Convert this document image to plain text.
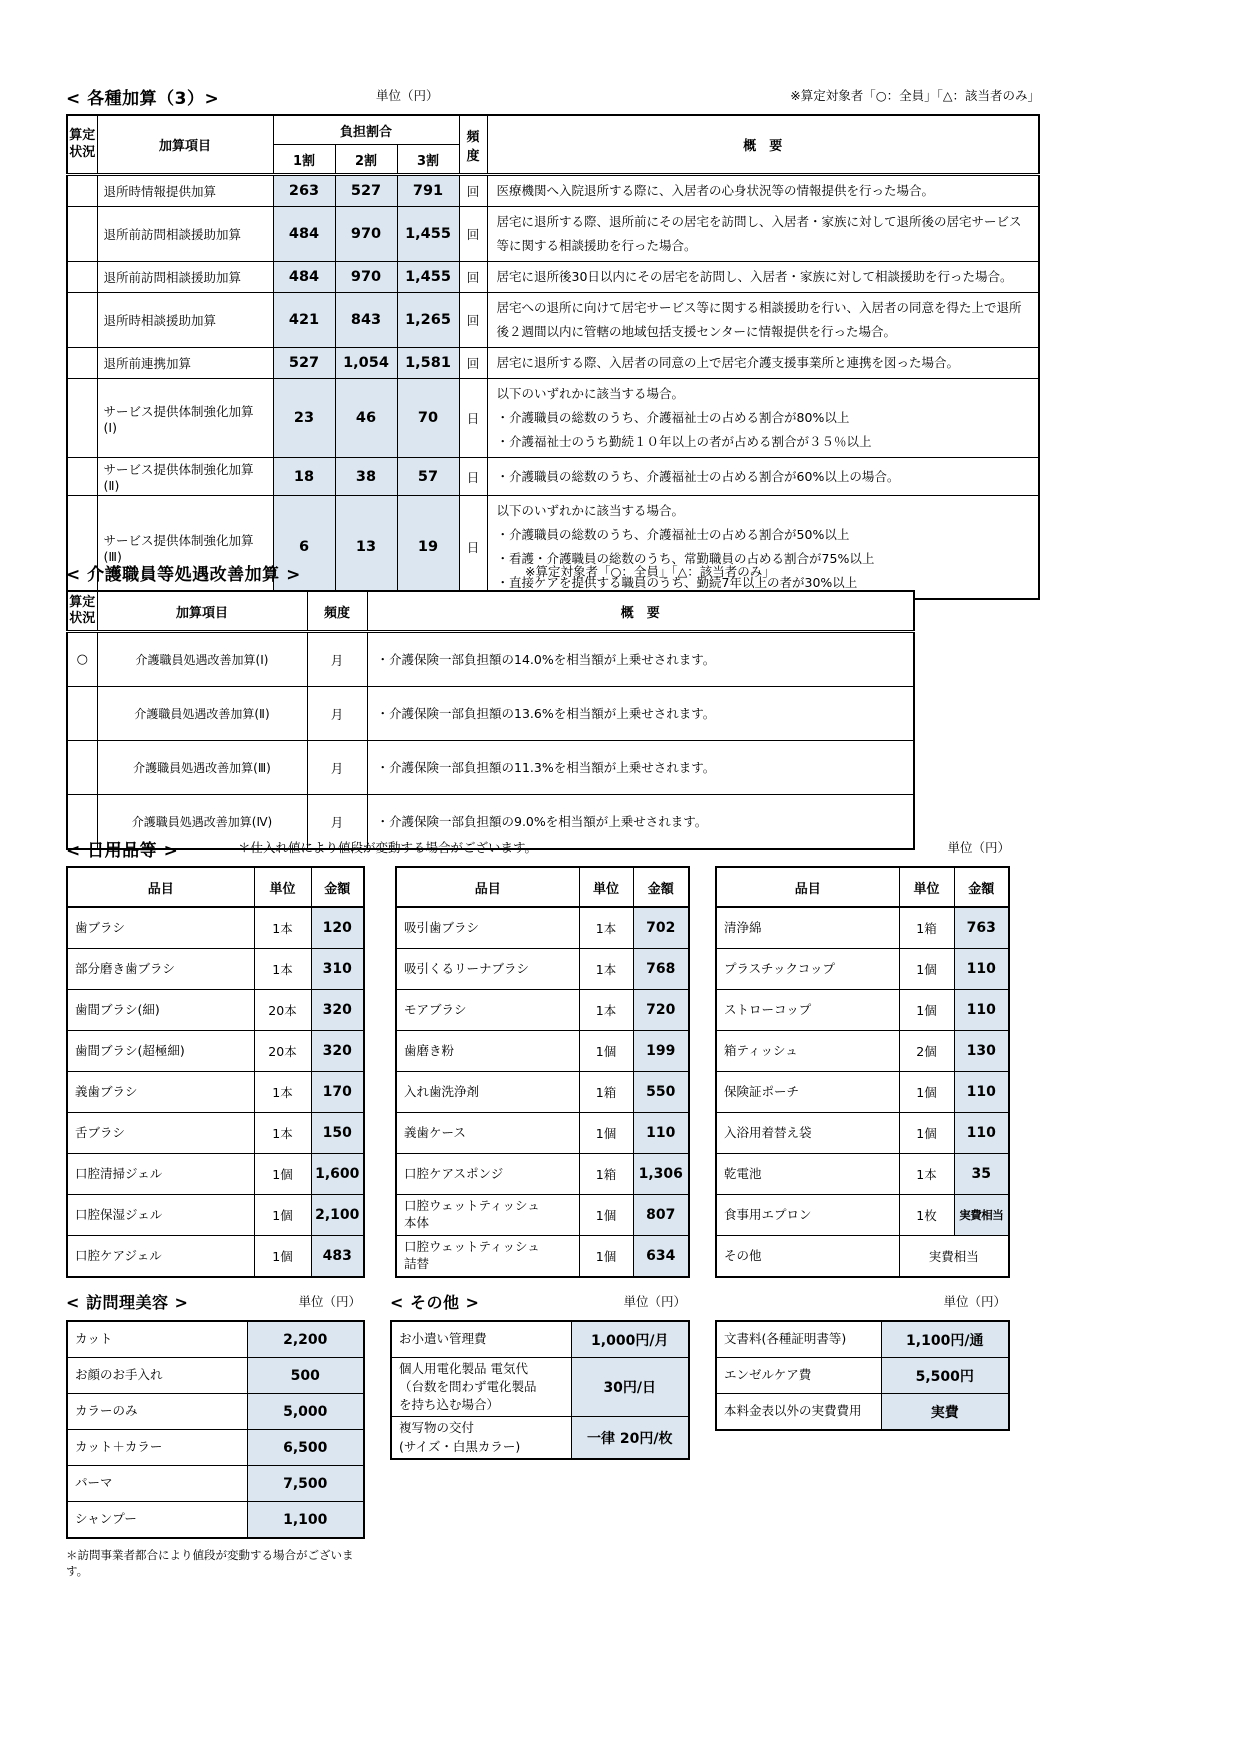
< 各種加算（3）>	単位（円）	※算定対象者「○：全員」「△：該当者のみ」
算定状況	加算項目	負担割合			頻度	概　要
		1割	2割	3割		
	退所時情報提供加算	263	527	791	回	医療機関へ入院退所する際に、入居者の心身状況等の情報提供を行った場合。

	退所前訪問相談援助加算	484	970	1,455	回	居宅に退所する際、退所前にその居宅を訪問し、入居者・家族に対して退所後の居宅サービス等に関する相談援助を行った場合。

	退所前訪問相談援助加算	484	970	1,455	回	居宅に退所後30日以内にその居宅を訪問し、入居者・家族に対して相談援助を行った場合。

	退所時相談援助加算	421	843	1,265	回	居宅への退所に向けて居宅サービス等に関する相談援助を行い、入居者の同意を得た上で退所後２週間以内に管轄の地域包括支援センターに情報提供を行った場合。

	退所前連携加算	527	1,054	1,581	回	居宅に退所する際、入居者の同意の上で居宅介護支援事業所と連携を図った場合。

	サービス提供体制強化加算(Ⅰ)	23	46	70	日	以下のいずれかに該当する場合。
・介護職員の総数のうち、介護福祉士の占める割合が80%以上
・介護福祉士のうち勤続１０年以上の者が占める割合が３５％以上

	サービス提供体制強化加算(Ⅱ)	18	38	57	日	・介護職員の総数のうち、介護福祉士の占める割合が60%以上の場合。

	サービス提供体制強化加算(Ⅲ)	6	13	19	日	以下のいずれかに該当する場合。
・介護職員の総数のうち、介護福祉士の占める割合が50%以上
・看護・介護職員の総数のうち、常勤職員の占める割合が75%以上
・直接ケアを提供する職員のうち、勤続7年以上の者が30%以上
< 介護職員等処遇改善加算 >	※算定対象者「○：全員」「△：該当者のみ」
算定状況	加算項目	頻度	概　要
○	介護職員処遇改善加算(Ⅰ)	月	・介護保険一部負担額の14.0%を相当額が上乗せされます。
	介護職員処遇改善加算(Ⅱ)	月	・介護保険一部負担額の13.6%を相当額が上乗せされます。
	介護職員処遇改善加算(Ⅲ)	月	・介護保険一部負担額の11.3%を相当額が上乗せされます。
	介護職員処遇改善加算(Ⅳ)	月	・介護保険一部負担額の9.0%を相当額が上乗せされます。
< 日用品等 >	＊仕入れ値により値段が変動する場合がございます。	単位（円）
品目	単位	金額
歯ブラシ	1本	120
部分磨き歯ブラシ	1本	310
歯間ブラシ(細)	20本	320
歯間ブラシ(超極細)	20本	320
義歯ブラシ	1本	170
舌ブラシ	1本	150
口腔清掃ジェル	1個	1,600
口腔保湿ジェル	1個	2,100
口腔ケアジェル	1個	483
品目	単位	金額
吸引歯ブラシ	1本	702
吸引くるリーナブラシ	1本	768
モアブラシ	1本	720
歯磨き粉	1個	199
入れ歯洗浄剤	1箱	550
義歯ケース	1個	110
口腔ケアスポンジ	1箱	1,306

口腔ウェットティッシュ
本体	1個	807

口腔ウェットティッシュ
詰替	1個	634
品目	単位	金額
清浄綿	1箱	763
プラスチックコップ	1個	110
ストローコップ	1個	110
箱ティッシュ	2個	130
保険証ポーチ	1個	110
入浴用着替え袋	1個	110
乾電池	1本	35
食事用エプロン	1枚	実費相当
その他	実費相当	
< 訪問理美容 >	単位（円）
カット	2,200
お顔のお手入れ	500
カラーのみ	5,000
カット＋カラー	6,500
パーマ	7,500
シャンプー	1,100
＊訪問事業者都合により値段が変動する場合がございます。
< その他 >	単位（円）
お小遣い管理費	1,000円/月

個人用電化製品 電気代
（台数を問わず電化製品
を持ち込む場合）	30円/日

複写物の交付
(サイズ・白黒カラー)	一律 20円/枚
単位（円）
文書料(各種証明書等)	1,100円/通
エンゼルケア費	5,500円
本料金表以外の実費費用	実費
